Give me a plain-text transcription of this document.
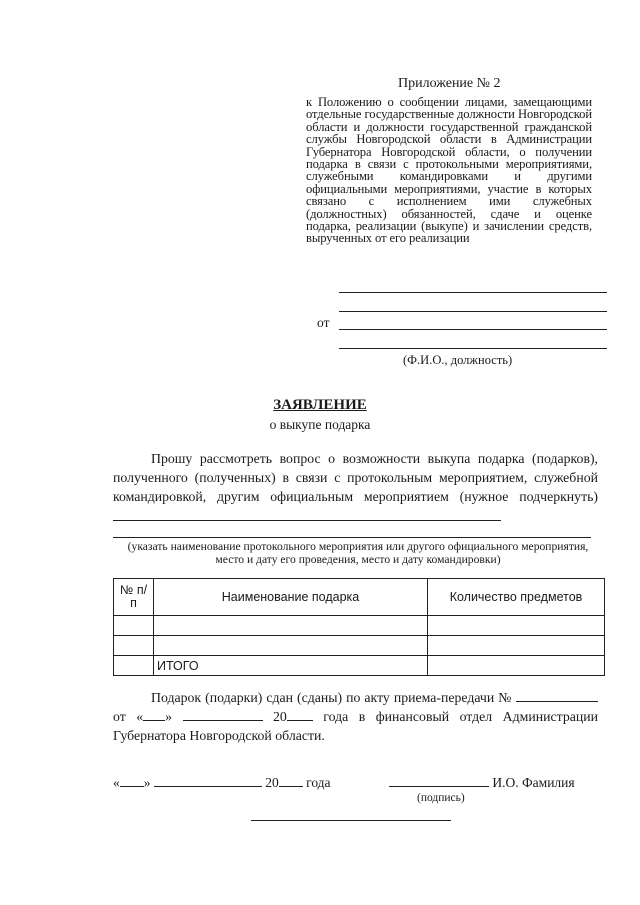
Приложение № 2
к Положению о сообщении лицами, замещающими отдельные государственные должности Новгородской области и должности государственной гражданской службы Новгородской области в Администрации Губернатора Новгородской области, о получении подарка в связи с протокольными мероприятиями, служебными командировками и другими официальными мероприятиями, участие в которых связано с исполнением ими служебных (должностных) обязанностей, сдаче и оценке подарка, реализации (выкупе) и зачислении средств, вырученных от его реализации
от
(Ф.И.О., должность)
ЗАЯВЛЕНИЕ
о выкупе подарка
Прошу рассмотреть вопрос о возможности выкупа подарка (подарков), полученного (полученных) в связи с протокольным мероприятием, служебной командировкой, другим официальным мероприятием (нужное подчеркнуть)
(указать наименование протокольного мероприятия или другого официального мероприятия, место и дату его проведения, место и дату командировки)
№ п/п	Наименование подарка	Количество предметов

	ИТОГО	
Подарок (подарки) сдан (сданы) по акту приема-передачи №  от « »	20	года в финансовый отдел Администрации Губернатора Новгородской области.
« »	20 года	И.О. Фамилия
(подпись)
